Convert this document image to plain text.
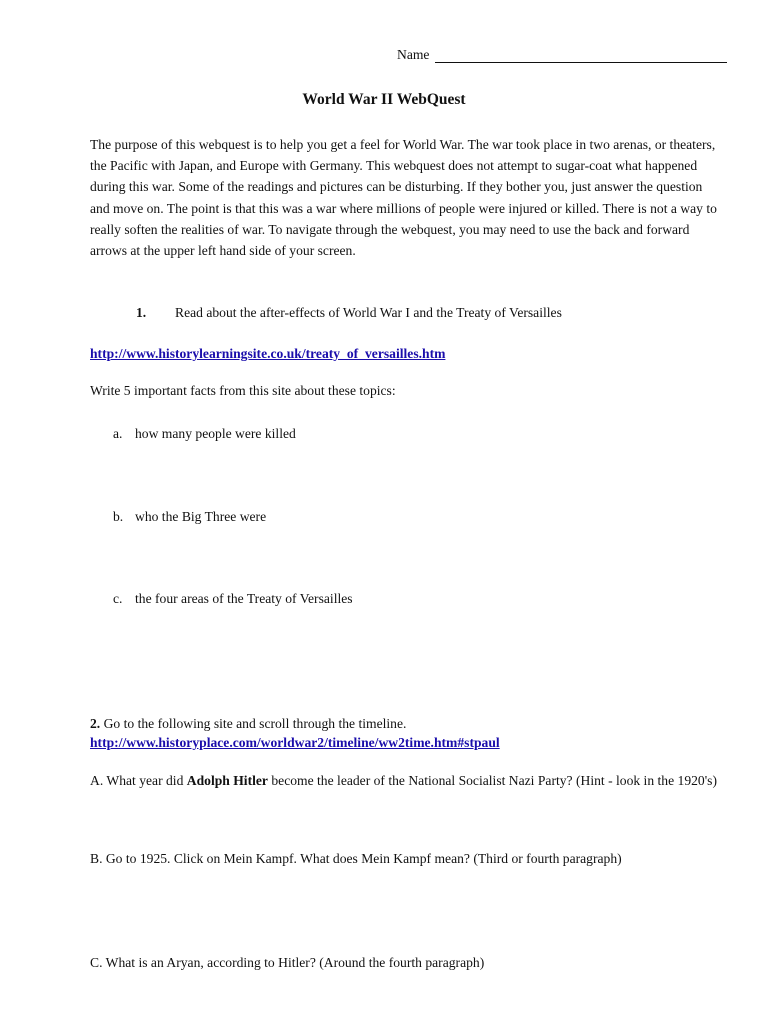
Name
World War II WebQuest
The purpose of this webquest is to help you get a feel for World War. The war took place in two arenas, or theaters, the Pacific with Japan, and Europe with Germany. This webquest does not attempt to sugar-coat what happened during this war. Some of the readings and pictures can be disturbing. If they bother you, just answer the question and move on. The point is that this was a war where millions of people were injured or killed. There is not a way to really soften the realities of war. To navigate through the webquest, you may need to use the back and forward arrows at the upper left hand side of your screen.
1. Read about the after-effects of World War I and the Treaty of Versailles
http://www.historylearningsite.co.uk/treaty_of_versailles.htm
Write 5 important facts from this site about these topics:
a. how many people were killed
b. who the Big Three were
c. the four areas of the Treaty of Versailles
2. Go to the following site and scroll through the timeline.
http://www.historyplace.com/worldwar2/timeline/ww2time.htm#stpaul
A. What year did Adolph Hitler become the leader of the National Socialist Nazi Party? (Hint - look in the 1920's)
B. Go to 1925. Click on Mein Kampf. What does Mein Kampf mean? (Third or fourth paragraph)
C. What is an Aryan, according to Hitler? (Around the fourth paragraph)
